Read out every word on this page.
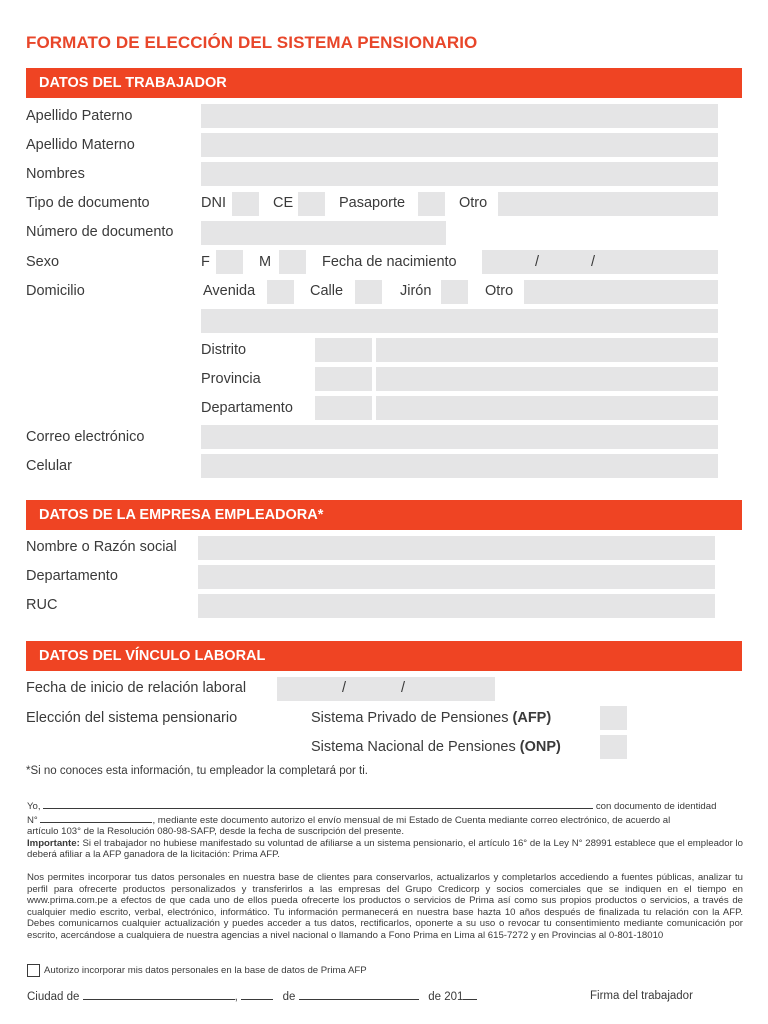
FORMATO DE ELECCIÓN DEL SISTEMA PENSIONARIO
DATOS DEL TRABAJADOR
Apellido Paterno
Apellido Materno
Nombres
Tipo de documento	DNI	CE	Pasaporte	Otro
Número de documento
Sexo	F	M	Fecha de nacimiento	/	/
Domicilio	Avenida	Calle	Jirón	Otro
Distrito
Provincia
Departamento
Correo electrónico
Celular
DATOS DE LA EMPRESA EMPLEADORA*
Nombre o Razón social
Departamento
RUC
DATOS DEL VÍNCULO LABORAL
Fecha de inicio de relación laboral	/	/
Elección del sistema pensionario	Sistema Privado de Pensiones (AFP)
Sistema Nacional de Pensiones (ONP)
*Si no conoces esta información, tu empleador la completará por ti.

Yo,	con documento de identidad

N°	, mediante este documento autorizo el envío mensual de mi Estado de Cuenta mediante correo electrónico, de acuerdo al

artículo 103° de la Resolución 080-98-SAFP, desde la fecha de suscripción del presente.

Importante: Si el trabajador no hubiese manifestado su voluntad de afiliarse a un sistema pensionario, el artículo 16° de la Ley N° 28991 establece que el empleador lo deberá afiliar a la AFP ganadora de la licitación: Prima AFP.

Nos permites incorporar tus datos personales en nuestra base de clientes para conservarlos, actualizarlos y completarlos accediendo a fuentes públicas, analizar tu perfil para ofrecerte productos personalizados y transferirlos a las empresas del Grupo Credicorp y socios comerciales que se indiquen en el tiempo en www.prima.com.pe a efectos de que cada uno de ellos pueda ofrecerte los productos o servicios de Prima así como sus propios productos o servicios, a través de cualquier medio escrito, verbal, electrónico, informático. Tu información permanecerá en nuestra base hazta 10 años después de finalizada tu relación con la AFP. Debes comunicarnos cualquier actualización y puedes acceder a tus datos, rectificarlos, oponerte a su uso o revocar tu consentimiento mediante comunicación por escrito, acercándose a cualquiera de nuestra agencias a nivel nacional o llamando a Fono Prima en Lima al 615-7272 y en Provincias al 0-801-18010
Autorizo incorporar mis datos personales en la base de datos de Prima AFP
Ciudad de	,	de	de 201	Firma del trabajador
